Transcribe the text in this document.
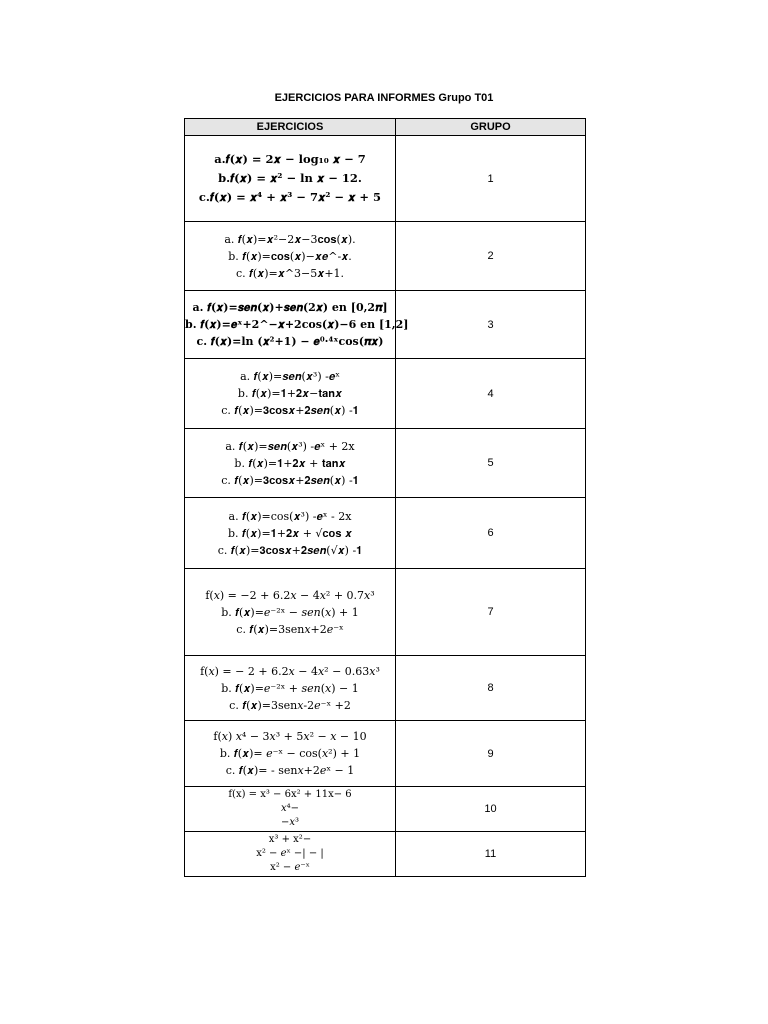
EJERCICIOS PARA INFORMES Grupo T01
EJERCICIOS	GRUPO

a.𝒇(𝒙) = 𝟐𝒙 − 𝐥𝐨𝐠₁₀ 𝒙 − 𝟕
b.𝒇(𝒙) = 𝒙² − 𝐥𝐧 𝒙 − 𝟏𝟐.
c.𝒇(𝒙) = 𝒙⁴ + 𝒙³ − 𝟕𝒙² − 𝒙 + 𝟓	1

a. 𝒇(𝒙)=𝒙²−2𝒙−3𝐜𝐨𝐬(𝒙).
b. 𝒇(𝒙)=𝐜𝐨𝐬(𝒙)−𝒙𝒆^-𝒙.
c. 𝒇(𝒙)=𝒙^3−5𝒙+1.	2

a. 𝒇(𝒙)=𝒔𝒆𝒏(𝒙)+𝒔𝒆𝒏(𝟐𝒙) en [𝟎,𝟐𝝅]
b. 𝒇(𝒙)=𝒆ˣ+𝟐^−𝒙+𝟐𝐜𝐨𝐬(𝒙)−𝟔 en [𝟏,𝟐]
c. 𝒇(𝒙)=𝐥𝐧 (𝒙²+𝟏) − 𝒆⁰·⁴ˣ𝐜𝐨𝐬(𝝅𝒙)	3

a. 𝒇(𝒙)=𝒔𝒆𝒏(𝒙³) -𝒆ˣ
b. 𝒇(𝒙)=𝟏+𝟐𝒙−𝐭𝐚𝐧𝒙
c. 𝒇(𝒙)=𝟑𝐜𝐨𝐬𝒙+𝟐𝒔𝒆𝒏(𝒙) -𝟏	4

a. 𝒇(𝒙)=𝒔𝒆𝒏(𝒙³) -𝒆ˣ + 2x
b. 𝒇(𝒙)=𝟏+𝟐𝒙 + 𝐭𝐚𝐧𝒙
c. 𝒇(𝒙)=𝟑𝐜𝐨𝐬𝒙+𝟐𝒔𝒆𝒏(𝒙) -𝟏	5

a. 𝒇(𝒙)=cos(𝒙³) -𝒆ˣ - 2x
b. 𝒇(𝒙)=𝟏+𝟐𝒙 + √𝐜𝐨𝐬 𝒙
c. 𝒇(𝒙)=𝟑𝐜𝐨𝐬𝒙+𝟐𝒔𝒆𝒏(√𝒙) -𝟏	6

f(𝑥) = −2 + 6.2𝑥 − 4𝑥² + 0.7𝑥³
b. 𝒇(𝒙)=𝑒⁻²ˣ − 𝑠𝑒𝑛(𝑥) + 1
c. 𝒇(𝒙)=3sen𝑥+2𝑒⁻ˣ	7

f(𝑥) = − 2 + 6.2𝑥 − 4𝑥² − 0.63𝑥³
b. 𝒇(𝒙)=𝑒⁻²ˣ + 𝑠𝑒𝑛(𝑥) − 1
c. 𝒇(𝒙)=3sen𝑥-2𝑒⁻ˣ +2	8

f(𝑥) 𝑥⁴ − 3𝑥³ + 5𝑥² − 𝑥 − 10
b. 𝒇(𝒙)= 𝑒⁻ˣ − cos(𝑥²) + 1
c. 𝒇(𝒙)= - sen𝑥+2𝑒ˣ − 1	9

f(x) = x³ − 6x² + 11x− 6
𝑥⁴−
−𝑥³	10

x³ + x²−
x² − 𝑒ˣ −| − |
x² − 𝑒⁻ˣ	11
